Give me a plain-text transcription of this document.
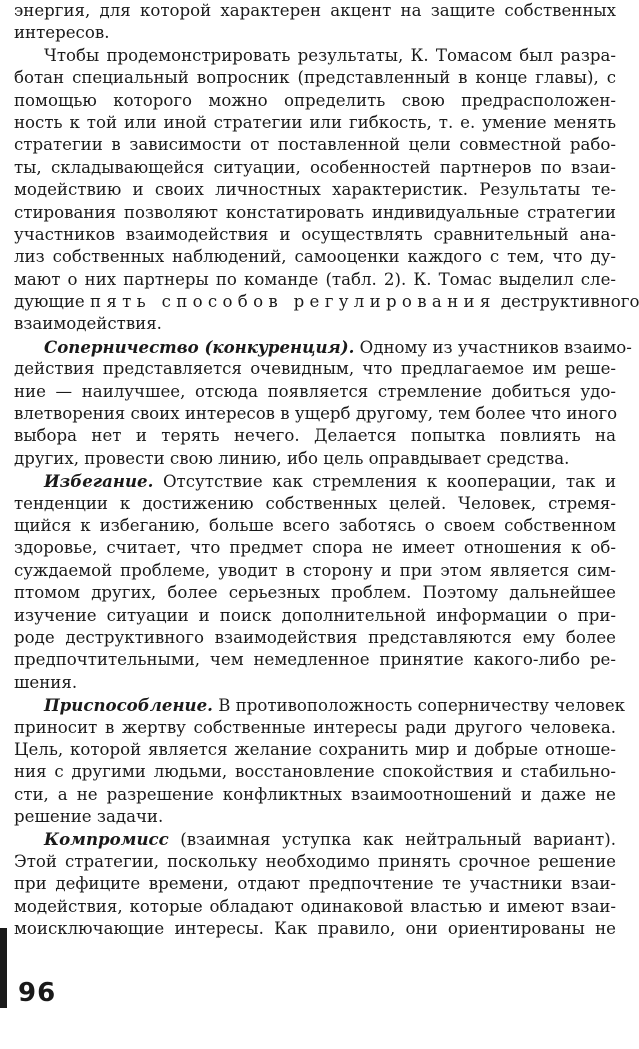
энергия, для которой характерен акцент на защите собственных
интересов.
Чтобы продемонстрировать результаты, К. Томасом был разра-
ботан специальный вопросник (представленный в конце главы), с
помощью которого можно определить свою предрасположен-
ность к той или иной стратегии или гибкость, т. е. умение менять
стратегии в зависимости от поставленной цели совместной рабо-
ты, складывающейся ситуации, особенностей партнеров по взаи-
модействию и своих личностных характеристик. Результаты те-
стирования позволяют констатировать индивидуальные стратегии
участников взаимодействия и осуществлять сравнительный ана-
лиз собственных наблюдений, самооценки каждого с тем, что ду-
мают о них партнеры по команде (табл. 2). К. Томас выделил сле-
дующие пять способов регулирования деструктивного
взаимодействия.
Соперничество (конкуренция). Одному из участников взаимо-
действия представляется очевидным, что предлагаемое им реше-
ние — наилучшее, отсюда появляется стремление добиться удо-
влетворения своих интересов в ущерб другому, тем более что иного
выбора нет и терять нечего. Делается попытка повлиять на
других, провести свою линию, ибо цель оправдывает средства.
Избегание. Отсутствие как стремления к кооперации, так и
тенденции к достижению собственных целей. Человек, стремя-
щийся к избеганию, больше всего заботясь о своем собственном
здоровье, считает, что предмет спора не имеет отношения к об-
суждаемой проблеме, уводит в сторону и при этом является сим-
птомом других, более серьезных проблем. Поэтому дальнейшее
изучение ситуации и поиск дополнительной информации о при-
роде деструктивного взаимодействия представляются ему более
предпочтительными, чем немедленное принятие какого-либо ре-
шения.
Приспособление. В противоположность соперничеству человек
приносит в жертву собственные интересы ради другого человека.
Цель, которой является желание сохранить мир и добрые отноше-
ния с другими людьми, восстановление спокойствия и стабильно-
сти, а не разрешение конфликтных взаимоотношений и даже не
решение задачи.
Компромисс (взаимная уступка как нейтральный вариант).
Этой стратегии, поскольку необходимо принять срочное решение
при дефиците времени, отдают предпочтение те участники взаи-
модействия, которые обладают одинаковой властью и имеют взаи-
моисключающие интересы. Как правило, они ориентированы не
96
